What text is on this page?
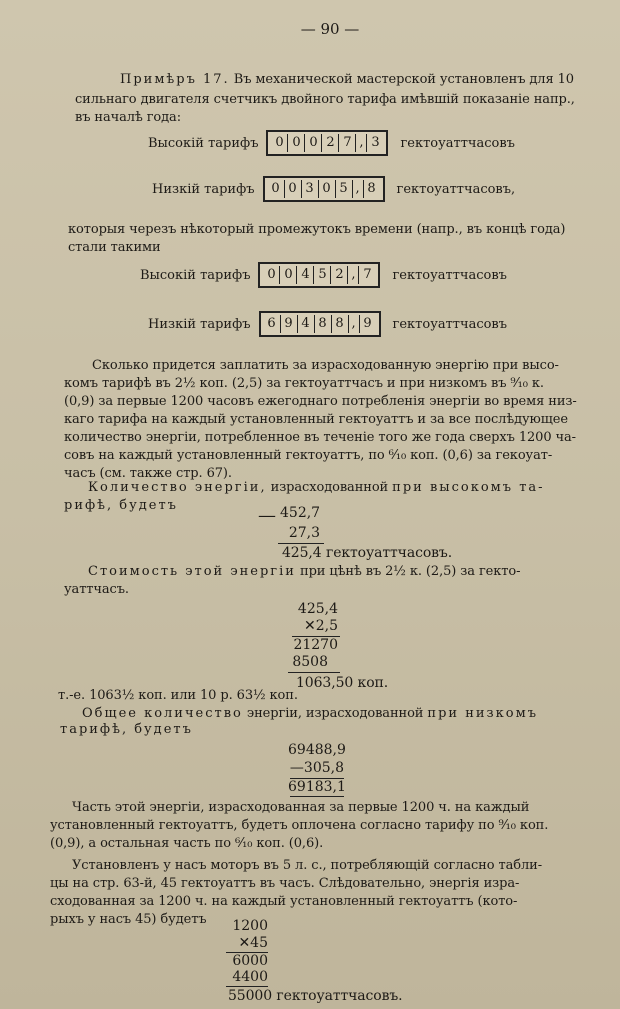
— 90 —
Примѣръ 17. Въ механической мастерской установленъ для 10
сильнаго двигателя счетчикъ двойного тарифа имѣвшій показаніе напр.,
въ началѣ года:
Высокій тарифъ 0 0 0 2 7 , 3 гектоуаттчасовъ
Низкій тарифъ 0 0 3 0 5 , 8 гектоуаттчасовъ,
которыя черезъ нѣкоторый промежутокъ времени (напр., въ концѣ года)
стали такими
Высокій тарифъ 0 0 4 5 2 , 7 гектоуаттчасовъ
Низкій тарифъ 6 9 4 8 8 , 9 гектоуаттчасовъ
Сколько придется заплатить за израсходованную энергію при высо-
комъ тарифѣ въ 2½ коп. (2,5) за гектоуаттчасъ и при низкомъ въ ⁹⁄₁₀ к.
(0,9) за первые 1200 часовъ ежегоднаго потребленія энергіи во время низ-
каго тарифа на каждый установленный гектоуаттъ и за все послѣдующее
количество энергіи, потребленное въ теченіе того же года сверхъ 1200 ча-
совъ на каждый установленный гектоуаттъ, по ⁶⁄₁₀ коп. (0,6) за гекоуат-
часъ (см. также стр. 67).
Количество энергіи, израсходованной при высокомъ та-
рифѣ, будетъ	— 452,7
27,3
425,4 гектоуаттчасовъ.
Стоимость этой энергіи при цѣнѣ въ 2½ к. (2,5) за гекто-
уаттчасъ.
425,4
✕2,5
21270
8508
1063,50 коп.
т.-е. 1063½ коп. или 10 р. 63½ коп.
Общее количество энергіи, израсходованной при низкомъ
тарифѣ, будетъ
69488,9
—305,8
69183,1
Часть этой энергіи, израсходованная за первые 1200 ч. на каждый
установленный гектоуаттъ, будетъ оплочена согласно тарифу по ⁹⁄₁₀ коп.
(0,9), а остальная часть по ⁶⁄₁₀ коп. (0,6).
Установленъ у насъ моторъ въ 5 л. с., потребляющій согласно табли-
цы на стр. 63-й, 45 гектоуаттъ въ часъ. Слѣдовательно, энергія изра-
сходованная за 1200 ч. на каждый установленный гектоуаттъ (кото-
рыхъ у насъ 45) будетъ	1200
✕45
6000
4400
55000 гектоуаттчасовъ.
